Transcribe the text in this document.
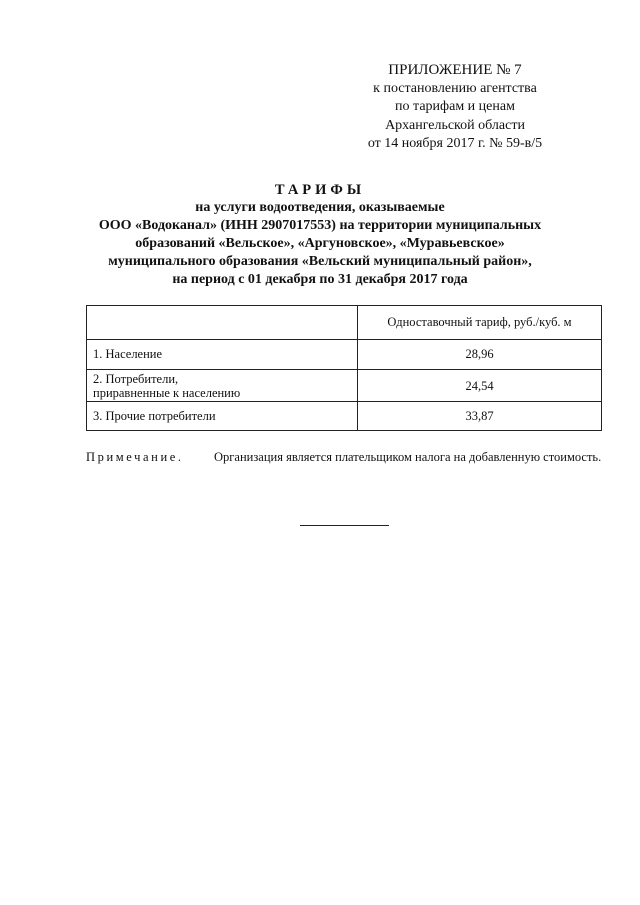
ПРИЛОЖЕНИЕ № 7
к постановлению агентства
по тарифам и ценам
Архангельской области
от 14 ноября 2017 г. № 59-в/5
ТАРИФЫ
на услуги водоотведения, оказываемые
ООО «Водоканал» (ИНН 2907017553) на территории муниципальных
образований «Вельское», «Аргуновское», «Муравьевское»
муниципального образования «Вельский муниципальный район»,
на период с 01 декабря по 31 декабря 2017 года
	Одноставочный тариф, руб./куб. м

1. Население	28,96

2. Потребители,
приравненные к населению	24,54

3. Прочие потребители	33,87
Примечание. Организация является плательщиком налога на добавленную стоимость.
